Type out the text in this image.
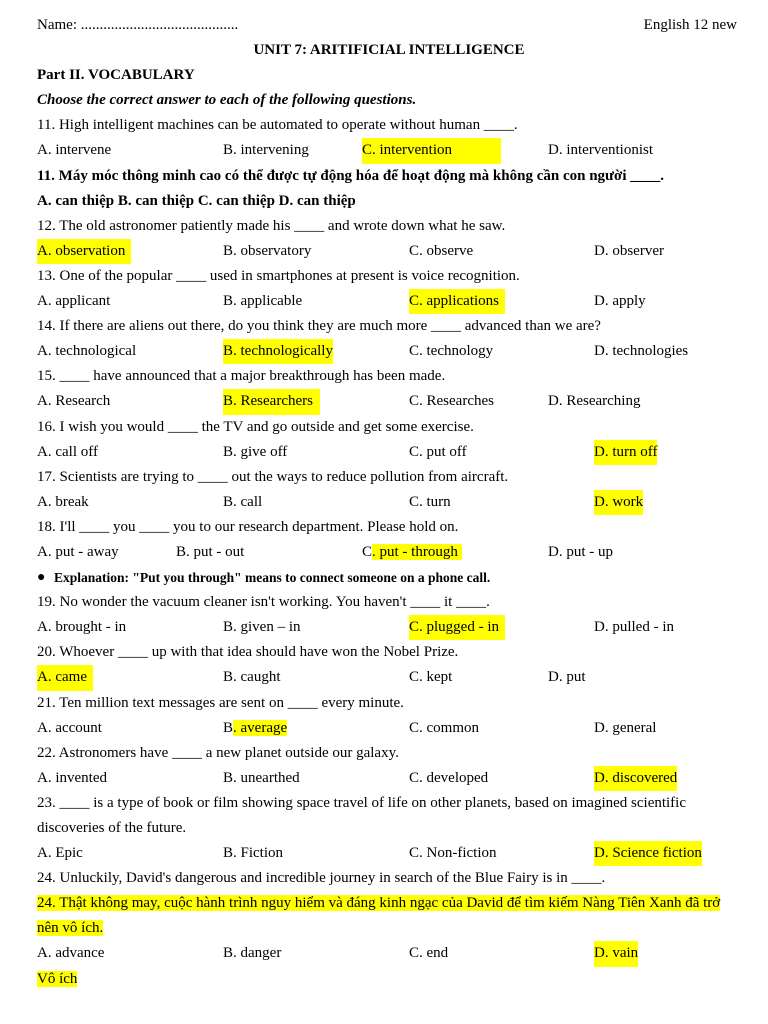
Name: ..........................................	English 12 new
UNIT 7: ARITIFICIAL INTELLIGENCE
Part II. VOCABULARY
Choose the correct answer to each of the following questions.
11. High intelligent machines can be automated to operate without human ____.
A. intervene	B. intervening	C. intervention	D. interventionist
11. Máy móc thông minh cao có thể được tự động hóa để hoạt động mà không cần con người ____.
A. can thiệp B. can thiệp C. can thiệp D. can thiệp
12. The old astronomer patiently made his ____ and wrote down what he saw.
A. observation	B. observatory	C. observe	D. observer
13. One of the popular ____ used in smartphones at present is voice recognition.
A. applicant	B. applicable	C. applications	D. apply
14. If there are aliens out there, do you think they are much more ____ advanced than we are?
A. technological	B. technologically	C. technology	D. technologies
15. ____ have announced that a major breakthrough has been made.
A. Research	B. Researchers	C. Researches	D. Researching
16. I wish you would ____ the TV and go outside and get some exercise.
A. call off	B. give off	C. put off	D. turn off
17. Scientists are trying to ____ out the ways to reduce pollution from aircraft.
A. break	B. call	C. turn	D. work
18. I'll ____ you ____ you to our research department. Please hold on.
A. put - away	B. put - out	C. put - through	D. put - up
● Explanation: "Put you through" means to connect someone on a phone call.
19. No wonder the vacuum cleaner isn't working. You haven't ____ it ____.
A. brought - in	B. given – in	C. plugged - in	D. pulled - in
20. Whoever ____ up with that idea should have won the Nobel Prize.
A. came	B. caught	C. kept	D. put
21. Ten million text messages are sent on ____ every minute.
A. account	B. average	C. common	D. general
22. Astronomers have ____ a new planet outside our galaxy.
A. invented	B. unearthed	C. developed	D. discovered
23. ____ is a type of book or film showing space travel of life on other planets, based on imagined scientific
discoveries of the future.
A. Epic	B. Fiction	C. Non-fiction	D. Science fiction
24. Unluckily, David's dangerous and incredible journey in search of the Blue Fairy is in ____.
24. Thật không may, cuộc hành trình nguy hiểm và đáng kinh ngạc của David để tìm kiếm Nàng Tiên Xanh đã trở
nên vô ích.
A. advance	B. danger	C. end	D. vain
Vô ích
